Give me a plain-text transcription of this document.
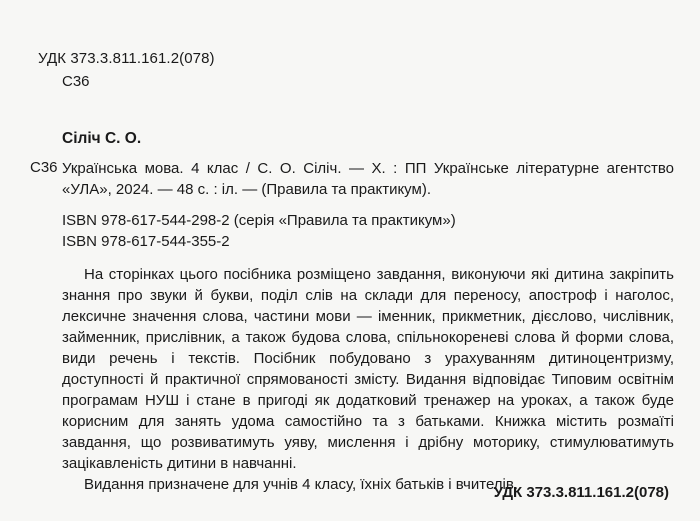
УДК 373.3.811.161.2(078)
С36
Сіліч С. О.
С36 Українська мова. 4 клас / С. О. Сіліч. — Х. : ПП Українське літературне агентство «УЛА», 2024. — 48 с. : іл. — (Правила та практикум).
ISBN 978-617-544-298-2 (серія «Правила та практикум»)
ISBN 978-617-544-355-2

На сторінках цього посібника розміщено завдання, виконуючи які дитина закріпить знання про звуки й букви, поділ слів на склади для переносу, апостроф і наголос, лексичне значення слова, частини мови — іменник, прикметник, дієслово, числівник, займенник, прислівник, а також будова слова, спільнокореневі слова й форми слова, види речень і текстів. Посібник побудовано з урахуванням дитиноцентризму, доступності й практичної спрямованості змісту. Видання відповідає Типовим освітнім програмам НУШ і стане в пригоді як додатковий тренажер на уроках, а також буде корисним для занять удома самостійно та з батьками. Книжка містить розмаїті завдання, що розвиватимуть уяву, мислення і дрібну моторику, стимулюватимуть зацікавленість дитини в навчанні.

Видання призначене для учнів 4 класу, їхніх батьків і вчителів.

УДК 373.3.811.161.2(078)
